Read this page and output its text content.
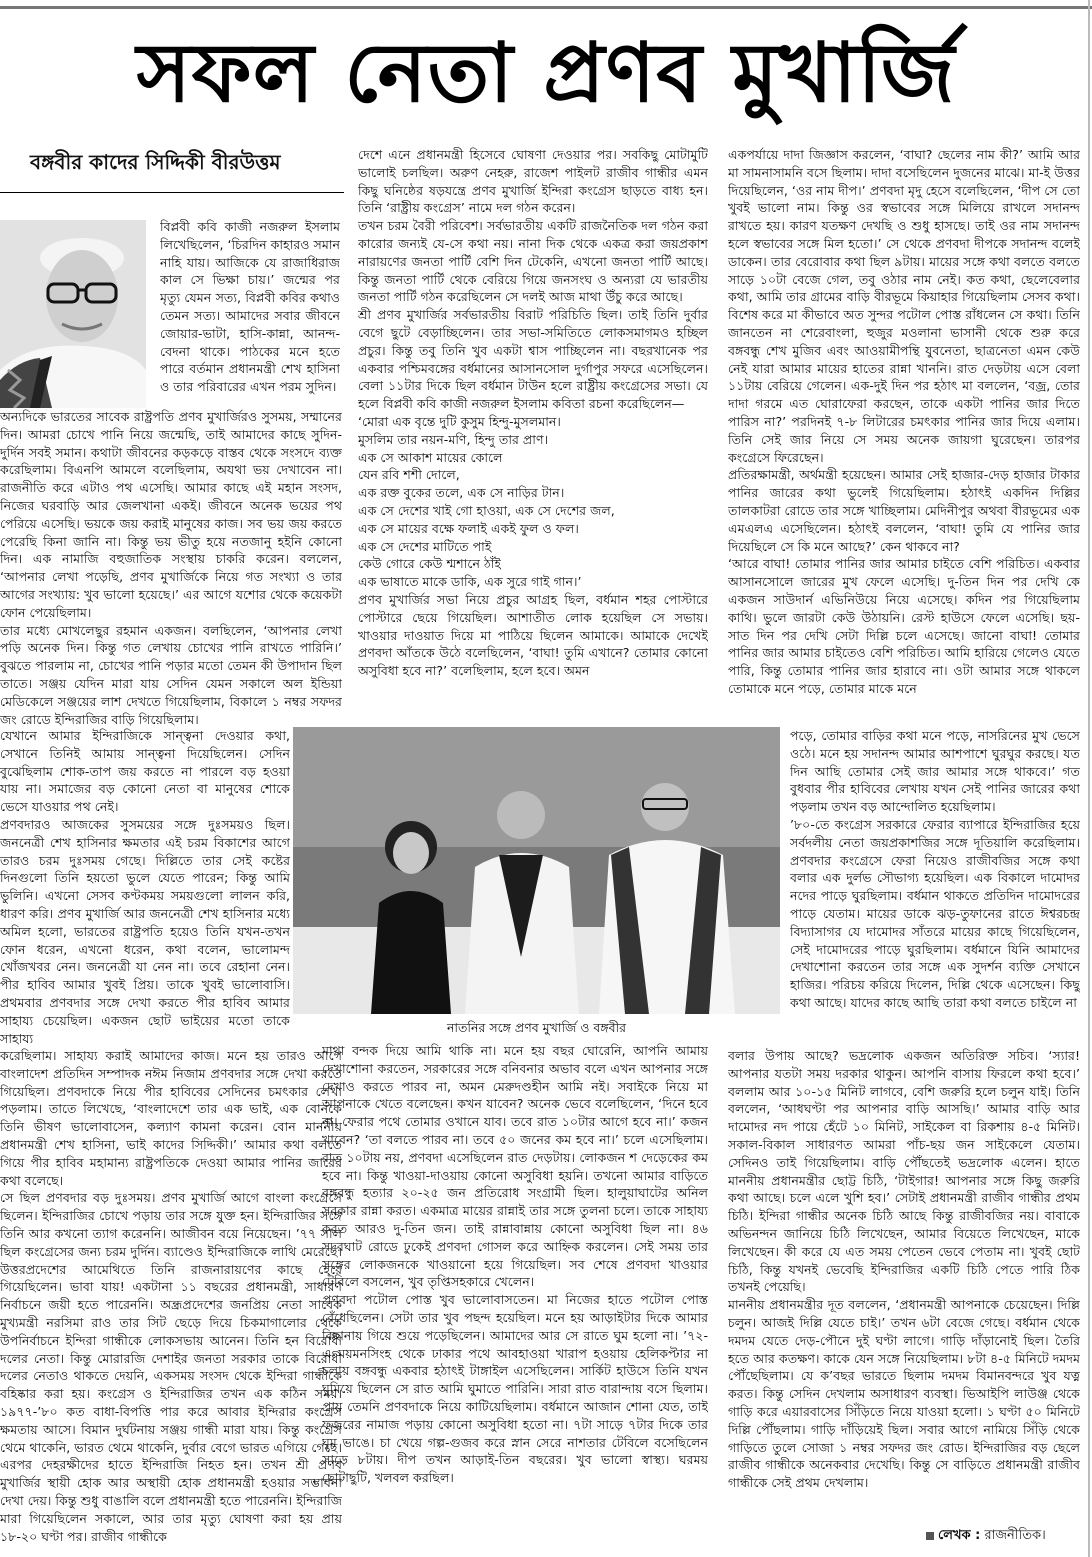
সফল নেতা প্রণব মুখার্জি
বঙ্গবীর কাদের সিদ্দিকী বীরউত্তম

বিপ্লবী কবি কাজী নজরুল ইসলাম লিখেছিলেন, ‘চিরদিন কাহারও সমান নাহি যায়। আজিকে যে রাজাধিরাজ কাল সে ভিক্ষা চায়।’ জন্মের পর মৃত্যু যেমন সত্য, বিপ্লবী কবির কথাও তেমন সত্য। আমাদের সবার জীবনে জোয়ার-ভাটা, হাসি-কান্না, আনন্দ-বেদনা থাকে। পাঠকের মনে হতে পারে বর্তমান প্রধানমন্ত্রী শেখ হাসিনা ও তার পরিবারের এখন পরম সুদিন।

অন্যদিকে ভারতের সাবেক রাষ্ট্রপতি প্রণব মুখার্জিরও সুসময়, সম্মানের দিন। আমরা চোখে পানি নিয়ে জন্মেছি, তাই আমাদের কাছে সুদিন-দুর্দিন সবই সমান। কথাটা জীবনের কড়কড়ে বাস্তব থেকে সংসদে ব্যক্ত করেছিলাম। বিএনপি আমলে বলেছিলাম, অযথা ভয় দেখাবেন না। রাজনীতি করে এটাও পথ এসেছি। আমার কাছে এই মহান সংসদ, নিজের ঘরবাড়ি আর জেলখানা একই। জীবনে অনেক ভয়ের পথ পেরিয়ে এসেছি। ভয়কে জয় করাই মানুষের কাজ। সব ভয় জয় করতে পেরেছি কিনা জানি না। কিন্তু ভয় ভীতু হয়ে নতজানু হইনি কোনো দিন। এক নামাজি বহুজাতিক সংস্থায় চাকরি করেন। বললেন, ‘আপনার লেখা পড়েছি, প্রণব মুখার্জিকে নিয়ে গত সংখ্যা ও তার আগের সংখ্যায়: খুব ভালো হয়েছে।’ এর আগে যশোর থেকে কয়েকটা ফোন পেয়েছিলাম।

তার মধ্যে মোখলেছুর রহমান একজন। বলছিলেন, ‘আপনার লেখা পড়ি অনেক দিন। কিন্তু গত লেখায় চোখের পানি রাখতে পারিনি।’ বুঝতে পারলাম না, চোখের পানি পড়ার মতো তেমন কী উপাদান ছিল তাতে। সঞ্জয় যেদিন মারা যায় সেদিন যেমন সকালে অল ইন্ডিয়া মেডিকেলে সঞ্জয়ের লাশ দেখতে গিয়েছিলাম, বিকালে ১ নম্বর সফদর জং রোডে ইন্দিরাজির বাড়ি গিয়েছিলাম।

যেখানে আমার ইন্দিরাজিকে সান্ত্বনা দেওয়ার কথা, সেখানে তিনিই আমায় সান্ত্বনা দিয়েছিলেন। সেদিন বুঝেছিলাম শোক-তাপ জয় করতে না পারলে বড় হওয়া যায় না। সমাজের বড় কোনো নেতা বা মানুষের শোকে ভেসে যাওয়ার পথ নেই।

প্রণবদারও আজকের সুসময়ের সঙ্গে দুঃসময়ও ছিল। জননেত্রী শেখ হাসিনার ক্ষমতার এই চরম বিকাশের আগে তারও চরম দুঃসময় গেছে। দিল্লিতে তার সেই কষ্টের দিনগুলো তিনি হয়তো ভুলে যেতে পারেন; কিন্তু আমি ভুলিনি। এখনো সেসব কণ্টকময় সময়গুলো লালন করি, ধারণ করি। প্রণব মুখার্জি আর জননেত্রী শেখ হাসিনার মধ্যে অমিল হলো, ভারতের রাষ্ট্রপতি হয়েও তিনি যখন-তখন ফোন ধরেন, এখনো ধরেন, কথা বলেন, ভালোমন্দ খোঁজখবর নেন। জননেত্রী যা নেন না। তবে রেহানা নেন। পীর হাবিব আমার খুবই প্রিয়। তাকে খুবই ভালোবাসি। প্রথমবার প্রণবদার সঙ্গে দেখা করতে পীর হাবিব আমার সাহায্য চেয়েছিল। একজন ছোট ভাইয়ের মতো তাকে সাহায্য

করেছিলাম। সাহায্য করাই আমাদের কাজ। মনে হয় তারও আগে বাংলাদেশ প্রতিদিন সম্পাদক নঈম নিজাম প্রণবদার সঙ্গে দেখা করতে গিয়েছিল। প্রণবদাকে নিয়ে পীর হাবিবের সেদিনের চমৎকার লেখা পড়লাম। তাতে লিখেছে, ‘বাংলাদেশে তার এক ভাই, এক বোনকে তিনি ভীষণ ভালোবাসেন, কল্যাণ কামনা করেন। বোন মাননীয় প্রধানমন্ত্রী শেখ হাসিনা, ভাই কাদের সিদ্দিকী।’ আমার কথা বলতে গিয়ে পীর হাবিব মহামান্য রাষ্ট্রপতিকে দেওয়া আমার পানির জারের কথা বলেছে।

সে ছিল প্রণবদার বড় দুঃসময়। প্রণব মুখার্জি আগে বাংলা কংগ্রেসে ছিলেন। ইন্দিরাজির চোখে পড়ায় তার সঙ্গে যুক্ত হন। ইন্দিরাজির সঙ্গে তিনি আর কখনো ত্যাগ করেননি। আজীবন বয়ে নিয়েছেন। ’৭৭ সাল ছিল কংগ্রেসের জন্য চরম দুর্দিন। ব্যাণ্ডেও ইন্দিরাজিকে লাথি মেরেছে। উত্তরপ্রদেশের আমেথিতে তিনি রাজনারায়ণের কাছে হেরে গিয়েছিলেন। ভাবা যায়! একটানা ১১ বছরের প্রধানমন্ত্রী, সাধারণ নির্বাচনে জয়ী হতে পারেননি। অন্ধ্রপ্রদেশের জনপ্রিয় নেতা সাবেক মুখ্যমন্ত্রী নরসিমা রাও তার সিট ছেড়ে দিয়ে চিকমাগালোর থেকে উপনির্বাচনে ইন্দিরা গান্ধীকে লোকসভায় আনেন। তিনি হন বিরোধী দলের নেতা। কিন্তু মোরারজি দেশাইর জনতা সরকার তাকে বিরোধী দলের নেতাও থাকতে দেয়নি, একসময় সংসদ থেকে ইন্দিরা গান্ধীকে বহিষ্কার করা হয়। কংগ্রেস ও ইন্দিরাজির তখন এক কঠিন সময়। ১৯৭৭-’৮০ কত বাধা-বিপত্তি পার করে আবার ইন্দিরার কংগ্রেস ক্ষমতায় আসে। বিমান দুর্ঘটনায় সঞ্জয় গান্ধী মারা যায়। কিন্তু কংগ্রেস থেমে থাকেনি, ভারত থেমে থাকেনি, দুর্বার বেগে ভারত এগিয়ে গেছে। এরপর দেহরক্ষীদের হাতে ইন্দিরাজি নিহত হন। তখন শ্রী প্রণব মুখার্জির স্থায়ী হোক আর অস্থায়ী হোক প্রধানমন্ত্রী হওয়ার সম্ভাবনা দেখা দেয়। কিন্তু শুধু বাঙালি বলে প্রধানমন্ত্রী হতে পারেননি। ইন্দিরাজি মারা গিয়েছিলেন সকালে, আর তার মৃত্যু ঘোষণা করা হয় প্রায় ১৮-২০ ঘণ্টা পর। রাজীব গান্ধীকে

দেশে এনে প্রধানমন্ত্রী হিসেবে ঘোষণা দেওয়ার পর। সবকিছু মোটামুটি ভালোই চলছিল। অরুণ নেহরু, রাজেশ পাইলট রাজীব গান্ধীর এমন কিছু ঘনিষ্ঠের ষড়যন্ত্রে প্রণব মুখার্জি ইন্দিরা কংগ্রেস ছাড়তে বাধ্য হন। তিনি ‘রাষ্ট্রীয় কংগ্রেস’ নামে দল গঠন করেন।

তখন চরম বৈরী পরিবেশ। সর্বভারতীয় একটি রাজনৈতিক দল গঠন করা কারোর জন্যই যে-সে কথা নয়। নানা দিক থেকে একত্র করা জয়প্রকাশ নারায়ণের জনতা পার্টি বেশি দিন টেকেনি, এখনো জনতা পার্টি আছে। কিন্তু জনতা পার্টি থেকে বেরিয়ে গিয়ে জনসংঘ ও অন্যরা যে ভারতীয় জনতা পার্টি গঠন করেছিলেন সে দলই আজ মাথা উঁচু করে আছে।

শ্রী প্রণব মুখার্জির সর্বভারতীয় বিরাট পরিচিতি ছিল। তাই তিনি দুর্বার বেগে ছুটে বেড়াচ্ছিলেন। তার সভা-সমিতিতে লোকসমাগমও হচ্ছিল প্রচুর। কিন্তু তবু তিনি খুব একটা শ্বাস পাচ্ছিলেন না। বছরখানেক পর একবার পশ্চিমবঙ্গের বর্ধমানের আসানসোল দুর্গাপুর সফরে এসেছিলেন। বেলা ১১টার দিকে ছিল বর্ধমান টাউন হলে রাষ্ট্রীয় কংগ্রেসের সভা। যে হলে বিপ্লবী কবি কাজী নজরুল ইসলাম কবিতা রচনা করেছিলেন—

‘মোরা এক বৃন্তে দুটি কুসুম হিন্দু-মুসলমান।

মুসলিম তার নয়ন-মণি, হিন্দু তার প্রাণ।

এক সে আকাশ মায়ের কোলে

যেন রবি শশী দোলে,

এক রক্ত বুকের তলে, এক সে নাড়ির টান।

এক সে দেশের খাই গো হাওয়া, এক সে দেশের জল,

এক সে মায়ের বক্ষে ফলাই একই ফুল ও ফল।

এক সে দেশের মাটিতে পাই

কেউ গোরে কেউ শ্মশানে ঠাঁই

এক ভাষাতে মাকে ডাকি, এক সুরে গাই গান।’

প্রণব মুখার্জির সভা নিয়ে প্রচুর আগ্রহ ছিল, বর্ধমান শহর পোস্টারে পোস্টারে ছেয়ে গিয়েছিল। আশাতীত লোক হয়েছিল সে সভায়। খাওয়ার দাওয়াত দিয়ে মা পাঠিয়ে ছিলেন আমাকে। আমাকে দেখেই প্রণবদা আঁতকে উঠে বলেছিলেন, ‘বাঘা! তুমি এখানে? তোমার কোনো অসুবিধা হবে না?’ বলেছিলাম, হলে হবে। অমন

মাথা বন্দক দিয়ে আমি থাকি না। মনে হয় বছর ঘোরেনি, আপনি আমায় দেখাশোনা করতেন, সরকারের সঙ্গে বনিবনার অভাব বলে এখন আপনার সঙ্গে দেখাও করতে পারব না, অমন মেরুদণ্ডহীন আমি নই। সবাইকে নিয়ে মা আপনাকে খেতে বলেছেন। কখন যাবেন? অনেক ভেবে বলেছিলেন, ‘দিনে হবে না। ফেরার পথে তোমার ওখানে যাব। তবে রাত ১০টার আগে হবে না।’ কজন খাবেন? ‘তা বলতে পারব না। তবে ৫০ জনের কম হবে না।’ চলে এসেছিলাম। রাত ১০টায় নয়, প্রণবদা এসেছিলেন রাত দেড়টায়। লোকজন শ দেড়েকের কম হবে না। কিন্তু খাওয়া-দাওয়ায় কোনো অসুবিধা হয়নি। তখনো আমার বাড়িতে বঙ্গবন্ধু হত্যার ২০-২৫ জন প্রতিরোধ সংগ্রামী ছিল। হালুয়াঘাটের অনিল সরকার রান্না করত। একমাত্র মায়ের রান্নাই তার সঙ্গে তুলনা চলে। তাকে সাহায্য করত আরও দু-তিন জন। তাই রান্নাবান্নায় কোনো অসুবিধা ছিল না। ৪৬ সদরঘাট রোডে ঢুকেই প্রণবদা গোসল করে আহ্নিক করলেন। সেই সময় তার সঙ্গের লোকজনকে খাওয়ানো হয়ে গিয়েছিল। সব শেষে প্রণবদা খাওয়ার টেবিলে বসলেন, খুব তৃপ্তিসহকারে খেলেন।

প্রণবদা পটোল পোস্ত খুব ভালোবাসতেন। মা নিজের হাতে পটোল পোস্ত রেঁধেছিলেন। সেটা তার খুব পছন্দ হয়েছিল। মনে হয় আড়াইটার দিকে আমার বিছানায় গিয়ে শুয়ে পড়েছিলেন। আমাদের আর সে রাতে ঘুম হলো না। ’৭২-এ ময়মনসিংহ থেকে ঢাকার পথে আবহাওয়া খারাপ হওয়ায় হেলিকপ্টার না চলায় বঙ্গবন্ধু একবার হঠাৎই টাঙ্গাইল এসেছিলেন। সার্কিট হাউসে তিনি যখন ঘুমিয়ে ছিলেন সে রাত আমি ঘুমাতে পারিনি। সারা রাত বারান্দায় বসে ছিলাম। প্রায় তেমনি প্রণবদাকে নিয়ে কাটিয়েছিলাম। বর্ধমানে আজান শোনা যেত, তাই ফজরের নামাজ পড়ায় কোনো অসুবিধা হতো না। ৭টা সাড়ে ৭টার দিকে তার ঘুম ভাঙে। চা খেয়ে গল্প-গুজব করে স্নান সেরে নাশতার টেবিলে বসেছিলেন সাড়ে ৮টায়। দীপ তখন আড়াই-তিন বছরের। খুব ভালো স্বাস্থ্য। ঘরময় ছোটাছুটি, খলবল করছিল।

একপর্যায়ে দাদা জিজ্ঞাস করলেন, ‘বাঘা? ছেলের নাম কী?’ আমি আর মা সামনাসামনি বসে ছিলাম। দাদা বসেছিলেন দুজনের মাঝে। মা-ই উত্তর দিয়েছিলেন, ‘ওর নাম দীপ।’ প্রণবদা মৃদু হেসে বলেছিলেন, ‘দীপ সে তো খুবই ভালো নাম। কিন্তু ওর স্বভাবের সঙ্গে মিলিয়ে রাখলে সদানন্দ রাখতে হয়। কারণ যতক্ষণ দেখছি ও শুধু হাসছে। তাই ওর নাম সদানন্দ হলে স্বভাবের সঙ্গে মিল হতো।’ সে থেকে প্রণবদা দীপকে সদানন্দ বলেই ডাকেন। তার বেরোবার কথা ছিল ৯টায়। মায়ের সঙ্গে কথা বলতে বলতে সাড়ে ১০টা বেজে গেল, তবু ওঠার নাম নেই। কত কথা, ছেলেবেলার কথা, আমি তার গ্রামের বাড়ি বীরভূমে কিয়াহার গিয়েছিলাম সেসব কথা। বিশেষ করে মা কীভাবে অত সুন্দর পটোল পোস্ত রাঁধলেন সে কথা। তিনি জানতেন না শেরেবাংলা, হুজুর মওলানা ভাসানী থেকে শুরু করে বঙ্গবন্ধু শেখ মুজিব এবং আওয়ামীপন্থি যুবনেতা, ছাত্রনেতা এমন কেউ নেই যারা আমার মায়ের হাতের রান্না খাননি। রাত দেড়টায় এসে বেলা ১১টায় বেরিয়ে গেলেন। এক-দুই দিন পর হঠাৎ মা বললেন, ‘বজ্র, তোর দাদা গরমে এত ঘোরাফেরা করছেন, তাকে একটা পানির জার দিতে পারিস না?’ পরদিনই ৭-৮ লিটারের চমৎকার পানির জার দিয়ে এলাম। তিনি সেই জার নিয়ে সে সময় অনেক জায়গা ঘুরেছেন। তারপর কংগ্রেসে ফিরেছেন।

প্রতিরক্ষামন্ত্রী, অর্থমন্ত্রী হয়েছেন। আমার সেই হাজার-দেড় হাজার টাকার পানির জারের কথা ভুলেই গিয়েছিলাম। হঠাৎই একদিন দিল্লির তালকাটরা রোডে তার সঙ্গে খাচ্ছিলাম। মেদিনীপুর অথবা বীরভূমের এক এমএলএ এসেছিলেন। হঠাৎই বললেন, ‘বাঘা! তুমি যে পানির জার দিয়েছিলে সে কি মনে আছে?’ কেন থাকবে না?

‘আরে বাঘা! তোমার পানির জার আমার চাইতে বেশি পরিচিত। একবার আসানসোলে জারের মুখ ফেলে এসেছি। দু-তিন দিন পর দেখি কে একজন সাউদার্ন এভিনিউয়ে নিয়ে এসেছে। কদিন পর গিয়েছিলাম কাথি। ভুলে জারটা কেউ উঠায়নি। রেস্ট হাউসে ফেলে এসেছি। ছয়-সাত দিন পর দেখি সেটা দিল্লি চলে এসেছে। জানো বাঘা! তোমার পানির জার আমার চাইতেও বেশি পরিচিত। আমি হারিয়ে গেলেও যেতে পারি, কিন্তু তোমার পানির জার হারাবে না। ওটা আমার সঙ্গে থাকলে তোমাকে মনে পড়ে, তোমার মাকে মনে

পড়ে, তোমার বাড়ির কথা মনে পড়ে, নাসরিনের মুখ ভেসে ওঠে। মনে হয় সদানন্দ আমার আশপাশে ঘুরঘুর করছে। যত দিন আছি তোমার সেই জার আমার সঙ্গে থাকবে।’ গত বুধবার পীর হাবিবের লেখায় যখন সেই পানির জারের কথা পড়লাম তখন বড় আন্দোলিত হয়েছিলাম।

’৮০-তে কংগ্রেস সরকারে ফেরার ব্যাপারে ইন্দিরাজির হয়ে সর্বদলীয় নেতা জয়প্রকাশজির সঙ্গে দূতিয়ালি করেছিলাম। প্রণবদার কংগ্রেসে ফেরা নিয়েও রাজীবজির সঙ্গে কথা বলার এক দুর্লভ সৌভাগ্য হয়েছিল। এক বিকালে দামোদর নদের পাড়ে ঘুরছিলাম। বর্ধমান থাকতে প্রতিদিন দামোদরের পাড়ে যেতাম। মায়ের ডাকে ঝড়-তুফানের রাতে ঈশ্বরচন্দ্র বিদ্যাসাগর যে দামোদর সাঁতরে মায়ের কাছে গিয়েছিলেন, সেই দামোদরের পাড়ে ঘুরছিলাম। বর্ধমানে যিনি আমাদের দেখাশোনা করতেন তার সঙ্গে এক সুদর্শন ব্যক্তি সেখানে হাজির। পরিচয় করিয়ে দিলেন, দিল্লি থেকে এসেছেন। কিছু কথা আছে। যাদের কাছে আছি তারা কথা বলতে চাইলে না

বলার উপায় আছে? ভদ্রলোক একজন অতিরিক্ত সচিব। ‘স্যার! আপনার যতটা সময় দরকার থাকুন। আপনি বাসায় ফিরলে কথা হবে।’ বললাম আর ১০-১৫ মিনিট লাগবে, বেশি জরুরি হলে চলুন যাই। তিনি বললেন, ‘আধঘণ্টা পর আপনার বাড়ি আসছি।’ আমার বাড়ি আর দামোদর নদ পায়ে হেঁটে ১০ মিনিট, সাইকেল বা রিকশায় ৪-৫ মিনিট। সকাল-বিকাল সাধারণত আমরা পাঁচ-ছয় জন সাইকেলে যেতাম। সেদিনও তাই গিয়েছিলাম। বাড়ি পৌঁছতেই ভদ্রলোক এলেন। হাতে মাননীয় প্রধানমন্ত্রীর ছোট্ট চিঠি, ‘টাইগার! আপনার সঙ্গে কিছু জরুরি কথা আছে। চলে এলে খুশি হব।’ সেটাই প্রধানমন্ত্রী রাজীব গান্ধীর প্রথম চিঠি। ইন্দিরা গান্ধীর অনেক চিঠি আছে কিন্তু রাজীবজির নয়। বাবাকে অভিনন্দন জানিয়ে চিঠি লিখেছেন, আমার বিয়েতে লিখেছেন, মাকে লিখেছেন। কী করে যে এত সময় পেতেন ভেবে পেতাম না। খুবই ছোট চিঠি, কিন্তু যখনই ভেবেছি ইন্দিরাজির একটি চিঠি পেতে পারি ঠিক তখনই পেয়েছি।

মাননীয় প্রধানমন্ত্রীর দূত বললেন, ‘প্রধানমন্ত্রী আপনাকে চেয়েছেন। দিল্লি চলুন। আজই দিল্লি যেতে চাই।’ তখন ৬টা বেজে গেছে। বর্ধমান থেকে দমদম যেতে দেড়-পৌনে দুই ঘণ্টা লাগে। গাড়ি দাঁড়ানোই ছিল। তৈরি হতে আর কতক্ষণ। কাকে যেন সঙ্গে নিয়েছিলাম। ৮টা ৪-৫ মিনিটে দমদম পৌঁছেছিলাম। যে ক’বছর ভারতে ছিলাম দমদম বিমানবন্দরে খুব যত্ন করত। কিন্তু সেদিন দেখলাম অসাধারণ ব্যবস্থা। ভিআইপি লাউঞ্জ থেকে গাড়ি করে এয়ারবাসের সিঁড়িতে নিয়ে যাওয়া হলো। ১ ঘণ্টা ৫০ মিনিটে দিল্লি পৌঁছলাম। গাড়ি দাঁড়িয়েই ছিল। সবার আগে নামিয়ে সিঁড়ি থেকে গাড়িতে তুলে সোজা ১ নম্বর সফদর জং রোড। ইন্দিরাজির বড় ছেলে রাজীব গান্ধীকে অনেকবার দেখেছি। কিন্তু সে বাড়িতে প্রধানমন্ত্রী রাজীব গান্ধীকে সেই প্রথম দেখলাম।

নাতনির সঙ্গে প্রণব মুখার্জি ও বঙ্গবীর
লেখক : রাজনীতিক।
